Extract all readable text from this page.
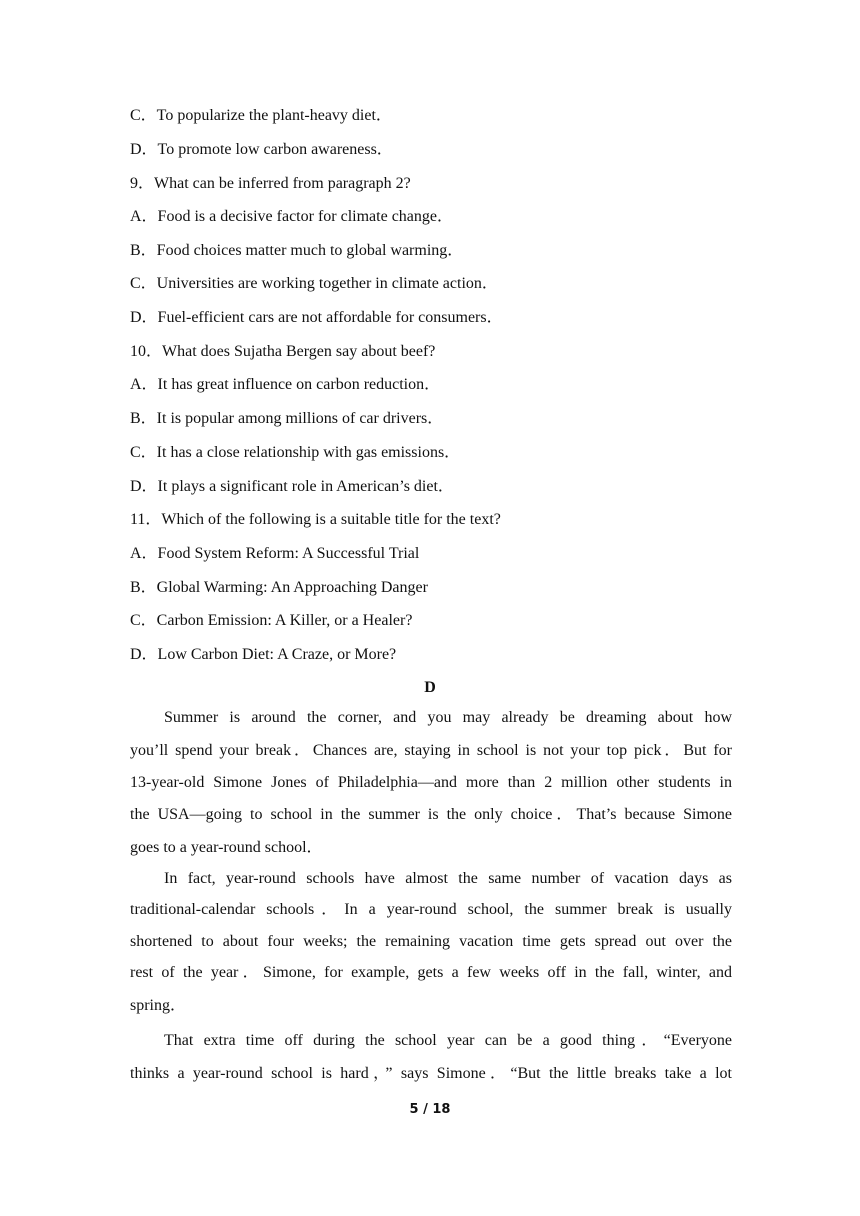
C．To popularize the plant-heavy diet．
D．To promote low carbon awareness．
9．What can be inferred from paragraph 2?
A．Food is a decisive factor for climate change．
B．Food choices matter much to global warming．
C．Universities are working together in climate action．
D．Fuel-efficient cars are not affordable for consumers．
10．What does Sujatha Bergen say about beef?
A．It has great influence on carbon reduction．
B．It is popular among millions of car drivers．
C．It has a close relationship with gas emissions．
D．It plays a significant role in American’s diet．
11．Which of the following is a suitable title for the text?
A．Food System Reform: A Successful Trial
B．Global Warming: An Approaching Danger
C．Carbon Emission: A Killer, or a Healer?
D．Low Carbon Diet: A Craze, or More?
D
Summer is around the corner, and you may already be dreaming about how
you’ll spend your break．Chances are, staying in school is not your top pick．But for
13-year-old Simone Jones of Philadelphia—and more than 2 million other students in
the USA—going to school in the summer is the only choice．That’s because Simone
goes to a year-round school．
In fact, year-round schools have almost the same number of vacation days as
traditional-calendar schools．In a year-round school, the summer break is usually
shortened to about four weeks; the remaining vacation time gets spread out over the
rest of the year．Simone, for example, gets a few weeks off in the fall, winter, and
spring．
That extra time off during the school year can be a good thing．“Everyone
thinks a year-round school is hard，” says Simone．“But the little breaks take a lot
5 / 18
